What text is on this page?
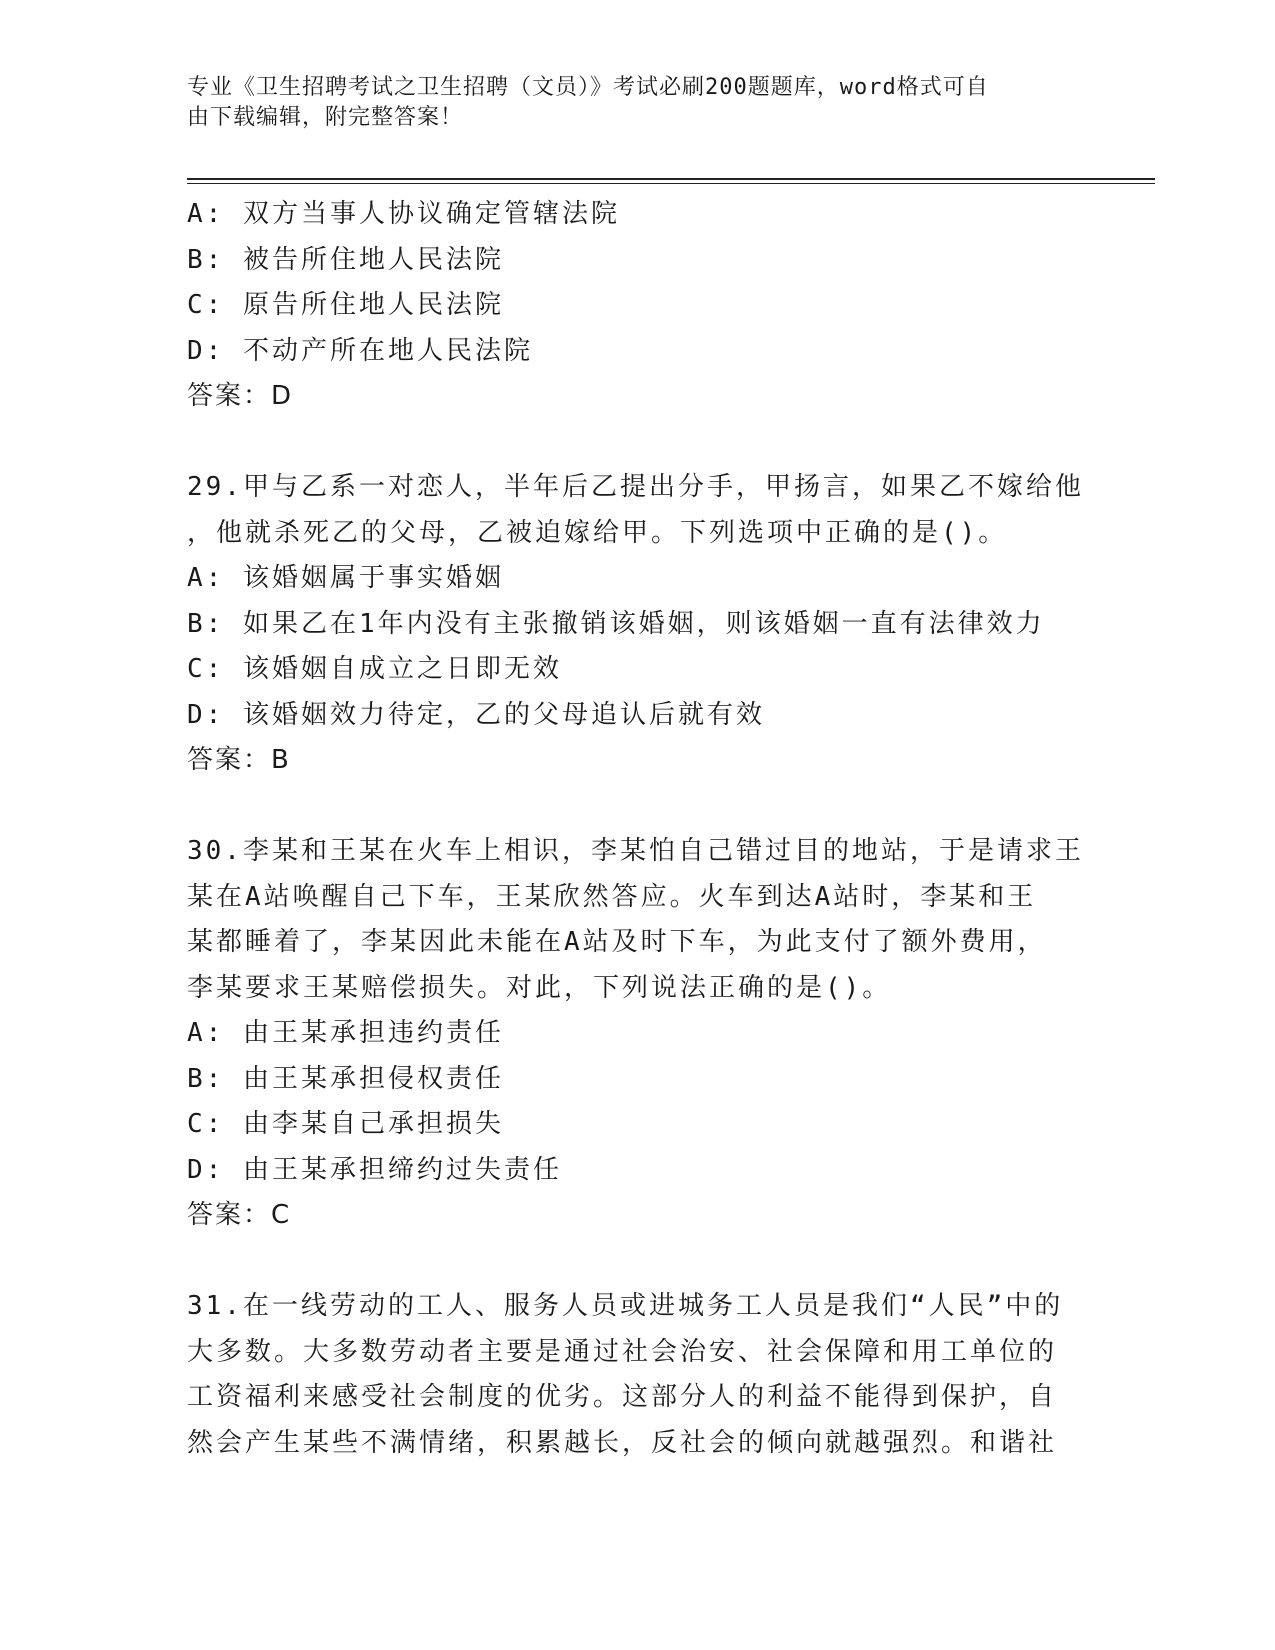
专业《卫生招聘考试之卫生招聘（文员）》考试必刷200题题库，word格式可自
由下载编辑，附完整答案！
A: 双方当事人协议确定管辖法院
B: 被告所住地人民法院
C: 原告所住地人民法院
D: 不动产所在地人民法院
答案：D
29.甲与乙系一对恋人，半年后乙提出分手，甲扬言，如果乙不嫁给他
，他就杀死乙的父母，乙被迫嫁给甲。下列选项中正确的是()。
A: 该婚姻属于事实婚姻
B: 如果乙在1年内没有主张撤销该婚姻，则该婚姻一直有法律效力
C: 该婚姻自成立之日即无效
D: 该婚姻效力待定，乙的父母追认后就有效
答案：B
30.李某和王某在火车上相识，李某怕自己错过目的地站，于是请求王
某在A站唤醒自己下车，王某欣然答应。火车到达A站时，李某和王
某都睡着了，李某因此未能在A站及时下车，为此支付了额外费用，
李某要求王某赔偿损失。对此，下列说法正确的是()。
A: 由王某承担违约责任
B: 由王某承担侵权责任
C: 由李某自己承担损失
D: 由王某承担缔约过失责任
答案：C
31.在一线劳动的工人、服务人员或进城务工人员是我们“人民”中的
大多数。大多数劳动者主要是通过社会治安、社会保障和用工单位的
工资福利来感受社会制度的优劣。这部分人的利益不能得到保护，自
然会产生某些不满情绪，积累越长，反社会的倾向就越强烈。和谐社
